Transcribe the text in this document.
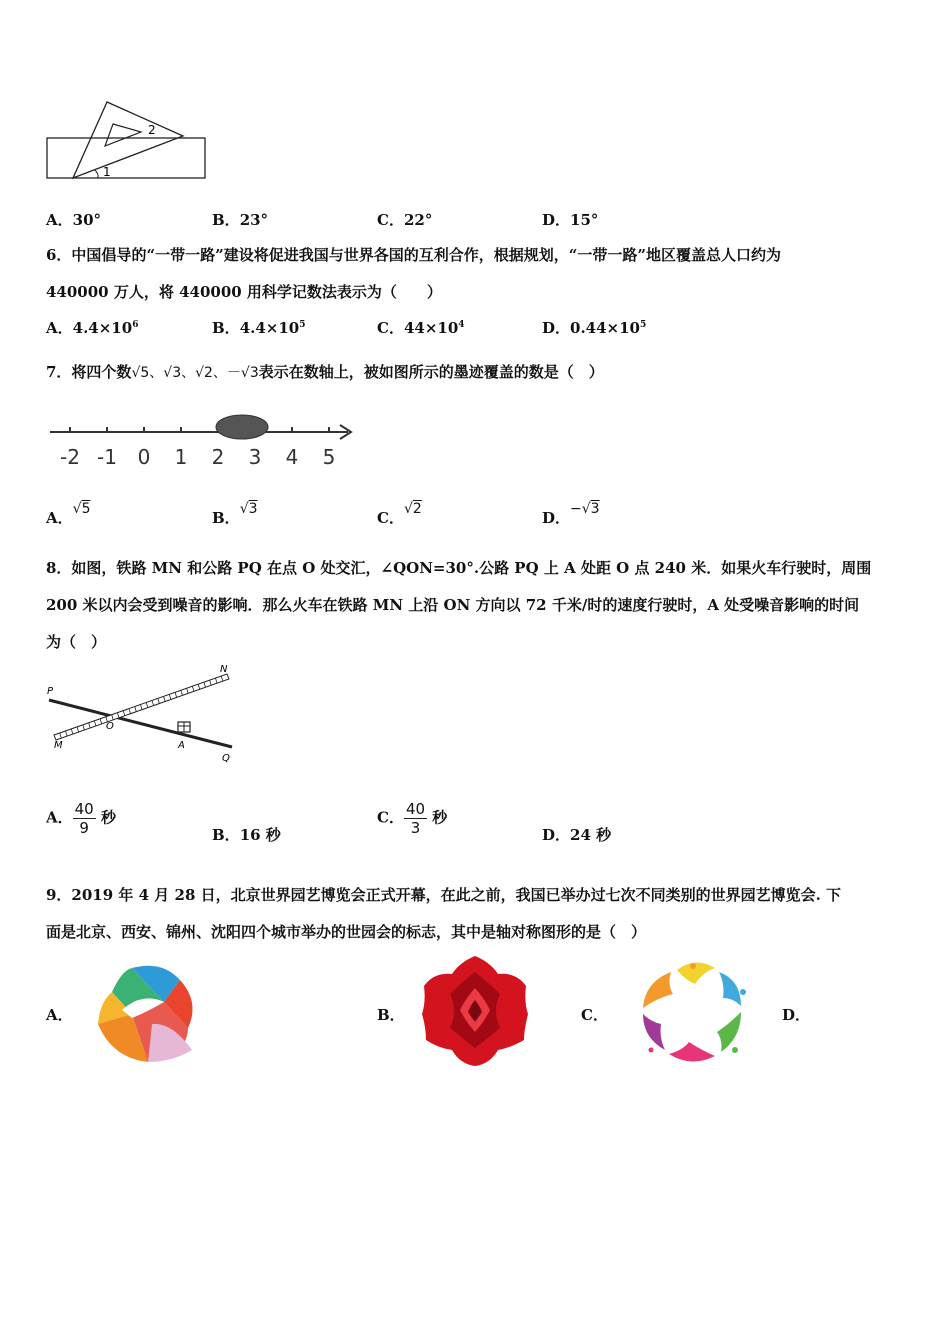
2
1
A．30°	B．23°	C．22°	D．15°
6．中国倡导的“一带一路”建设将促进我国与世界各国的互利合作，根据规划，“一带一路”地区覆盖总人口约为
440000 万人，将 440000 用科学记数法表示为（　　）
A．$4.4\times 10^6$	B．$4.4\times 10^5$	C．$44\times 10^4$	D．$0.44\times 10^5$
7．将四个数√5、√3、√2、－√3表示在数轴上，被如图所示的墨迹覆盖的数是（　）
-2 -1 0 1 2 3 4 5
A．√5	B．√3	C．√2	D．−√3
8．如图，铁路 MN 和公路 PQ 在点 O 处交汇，∠QON=30°.公路 PQ 上 A 处距 O 点 240 米．如果火车行驶时，周围
200 米以内会受到噪音的影响．那么火车在铁路 MN 上沿 ON 方向以 72 千米/时的速度行驶时，A 处受噪音影响的时间
为（　）
P
N
M
O
A
Q
A． $\frac{40}{9}$ 秒
B．16 秒
C． $\frac{40}{3}$ 秒
D．24 秒
9．2019 年 4 月 28 日，北京世界园艺博览会正式开幕，在此之前，我国已举办过七次不同类别的世界园艺博览会. 下
面是北京、西安、锦州、沈阳四个城市举办的世园会的标志，其中是轴对称图形的是（　）
A．	B．	C．	D．
